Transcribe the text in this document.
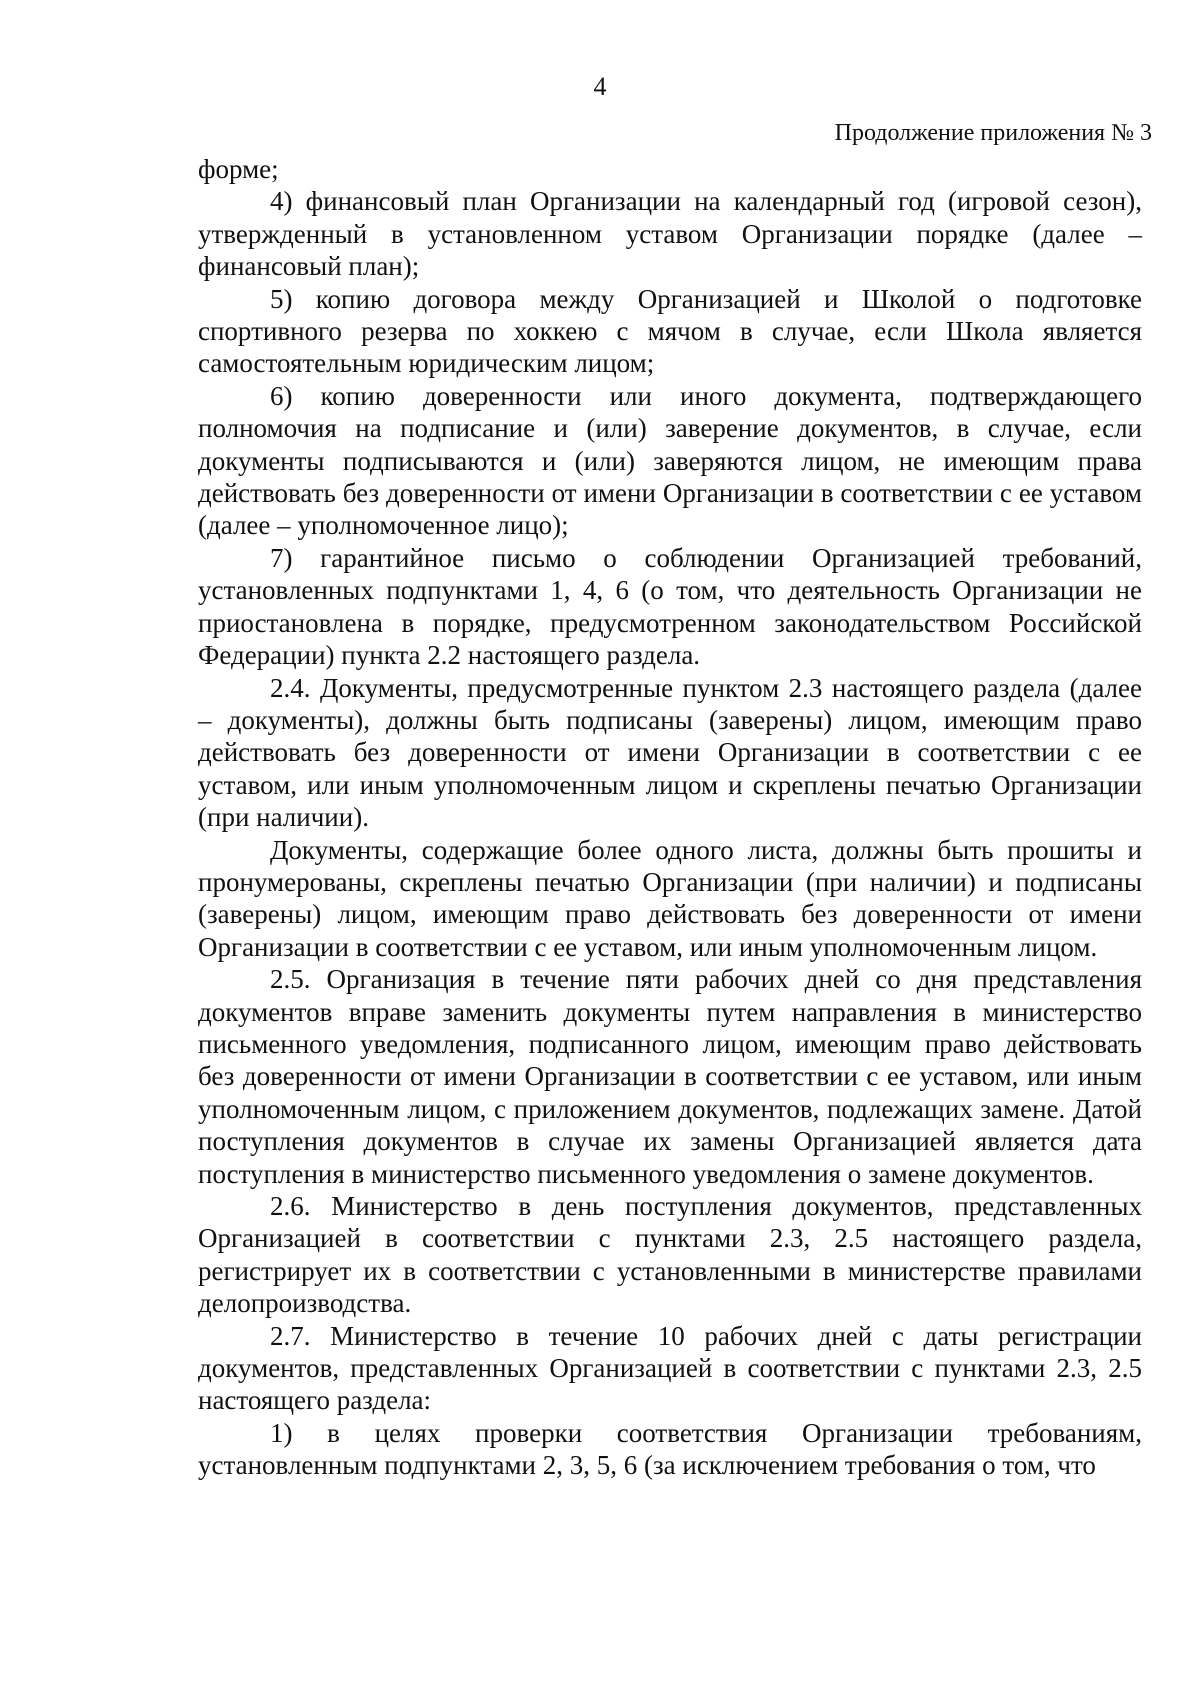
4
Продолжение приложения № 3

форме;

4) финансовый план Организации на календарный год (игровой сезон), утвержденный в установленном уставом Организации порядке (далее – финансовый план);

5) копию договора между Организацией и Школой о подготовке спортивного резерва по хоккею с мячом в случае, если Школа является самостоятельным юридическим лицом;

6) копию доверенности или иного документа, подтверждающего полномочия на подписание и (или) заверение документов, в случае, если документы подписываются и (или) заверяются лицом, не имеющим права действовать без доверенности от имени Организации в соответствии с ее уставом (далее – уполномоченное лицо);

7) гарантийное письмо о соблюдении Организацией требований, установленных подпунктами 1, 4, 6 (о том, что деятельность Организации не приостановлена в порядке, предусмотренном законодательством Российской Федерации) пункта 2.2 настоящего раздела.

2.4. Документы, предусмотренные пунктом 2.3 настоящего раздела (далее – документы), должны быть подписаны (заверены) лицом, имеющим право действовать без доверенности от имени Организации в соответствии с ее уставом, или иным уполномоченным лицом и скреплены печатью Организации (при наличии).

Документы, содержащие более одного листа, должны быть прошиты и пронумерованы, скреплены печатью Организации (при наличии) и подписаны (заверены) лицом, имеющим право действовать без доверенности от имени Организации в соответствии с ее уставом, или иным уполномоченным лицом.

2.5. Организация в течение пяти рабочих дней со дня представления документов вправе заменить документы путем направления в министерство письменного уведомления, подписанного лицом, имеющим право действовать без доверенности от имени Организации в соответствии с ее уставом, или иным уполномоченным лицом, с приложением документов, подлежащих замене. Датой поступления документов в случае их замены Организацией является дата поступления в министерство письменного уведомления о замене документов.

2.6. Министерство в день поступления документов, представленных Организацией в соответствии с пунктами 2.3, 2.5 настоящего раздела, регистрирует их в соответствии с установленными в министерстве правилами делопроизводства.

2.7. Министерство в течение 10 рабочих дней с даты регистрации документов, представленных Организацией в соответствии с пунктами 2.3, 2.5 настоящего раздела:

1) в целях проверки соответствия Организации требованиям, установленным подпунктами 2, 3, 5, 6 (за исключением требования о том, что
